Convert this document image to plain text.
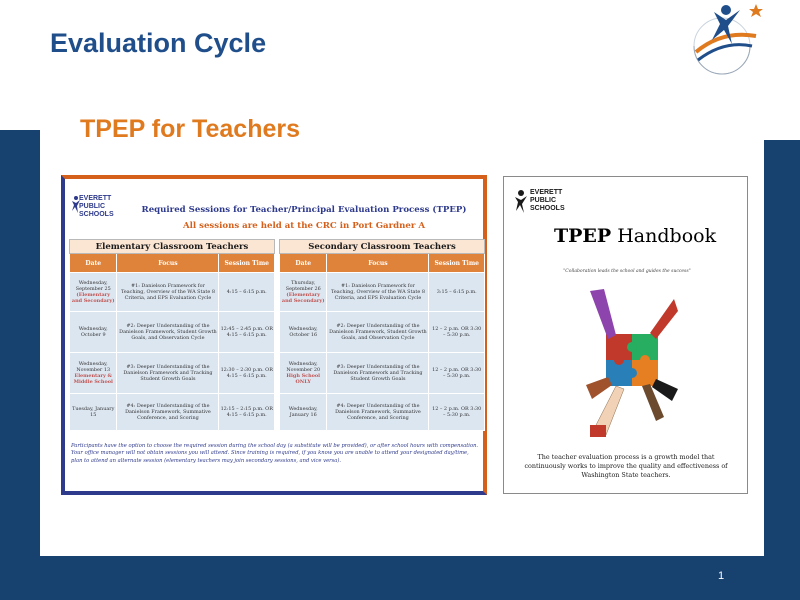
Evaluation Cycle
TPEP for Teachers
EVERETT
PUBLIC
SCHOOLS	Required Sessions for Teacher/Principal Evaluation Process (TPEP)
All sessions are held at the CRC in Port Gardner A
Elementary Classroom Teachers		
Date	Focus	Session Time
Wednesday, September 25
(Elementary and Secondary)	#1: Danielson Framework for Teaching, Overview of the WA State 8 Criteria, and EPS Evaluation Cycle	4:15 – 6:15 p.m.
Wednesday, October 9	#2: Deeper Understanding of the Danielson Framework, Student Growth Goals, and Observation Cycle	12:45 – 2:45 p.m. OR 4:15 – 6:15 p.m.
Wednesday, November 13
Elementary & Middle School	#3: Deeper Understanding of the Danielson Framework and Tracking Student Growth Goals	12:30 – 2:30 p.m. OR 4:15 – 6:15 p.m.
Tuesday, January 15	#4: Deeper Understanding of the Danielson Framework, Summative Conference, and Scoring	12:15 – 2:15 p.m. OR 4:15 – 6:15 p.m.
Secondary Classroom Teachers		
Date	Focus	Session Time
Thursday, September 26
(Elementary and Secondary)	#1: Danielson Framework for Teaching, Overview of the WA State 8 Criteria, and EPS Evaluation Cycle	3:15 – 6:15 p.m.
Wednesday, October 16	#2: Deeper Understanding of the Danielson Framework, Student Growth Goals, and Observation Cycle	12 – 2 p.m. OR 3:30 – 5:30 p.m.
Wednesday, November 20
High School ONLY	#3: Deeper Understanding of the Danielson Framework and Tracking Student Growth Goals	12 – 2 p.m. OR 3:30 – 5:30 p.m.
Wednesday, January 16	#4: Deeper Understanding of the Danielson Framework, Summative Conference, and Scoring	12 – 2 p.m. OR 3:30 – 5:30 p.m.
Participants have the option to choose the required session during the school day (a substitute will be provided), or after school hours with compensation. Your office manager will not obtain sessions you will attend. Since training is required, if you know you are unable to attend your designated day/time, plan to attend an alternate session (elementary teachers may join secondary sessions, and vice versa).
EVERETT
PUBLIC
SCHOOLS
TPEP Handbook
"Collaboration leads the school and guides the success"
The teacher evaluation process is a growth model that continuously works to improve the quality and effectiveness of Washington State teachers.
1
